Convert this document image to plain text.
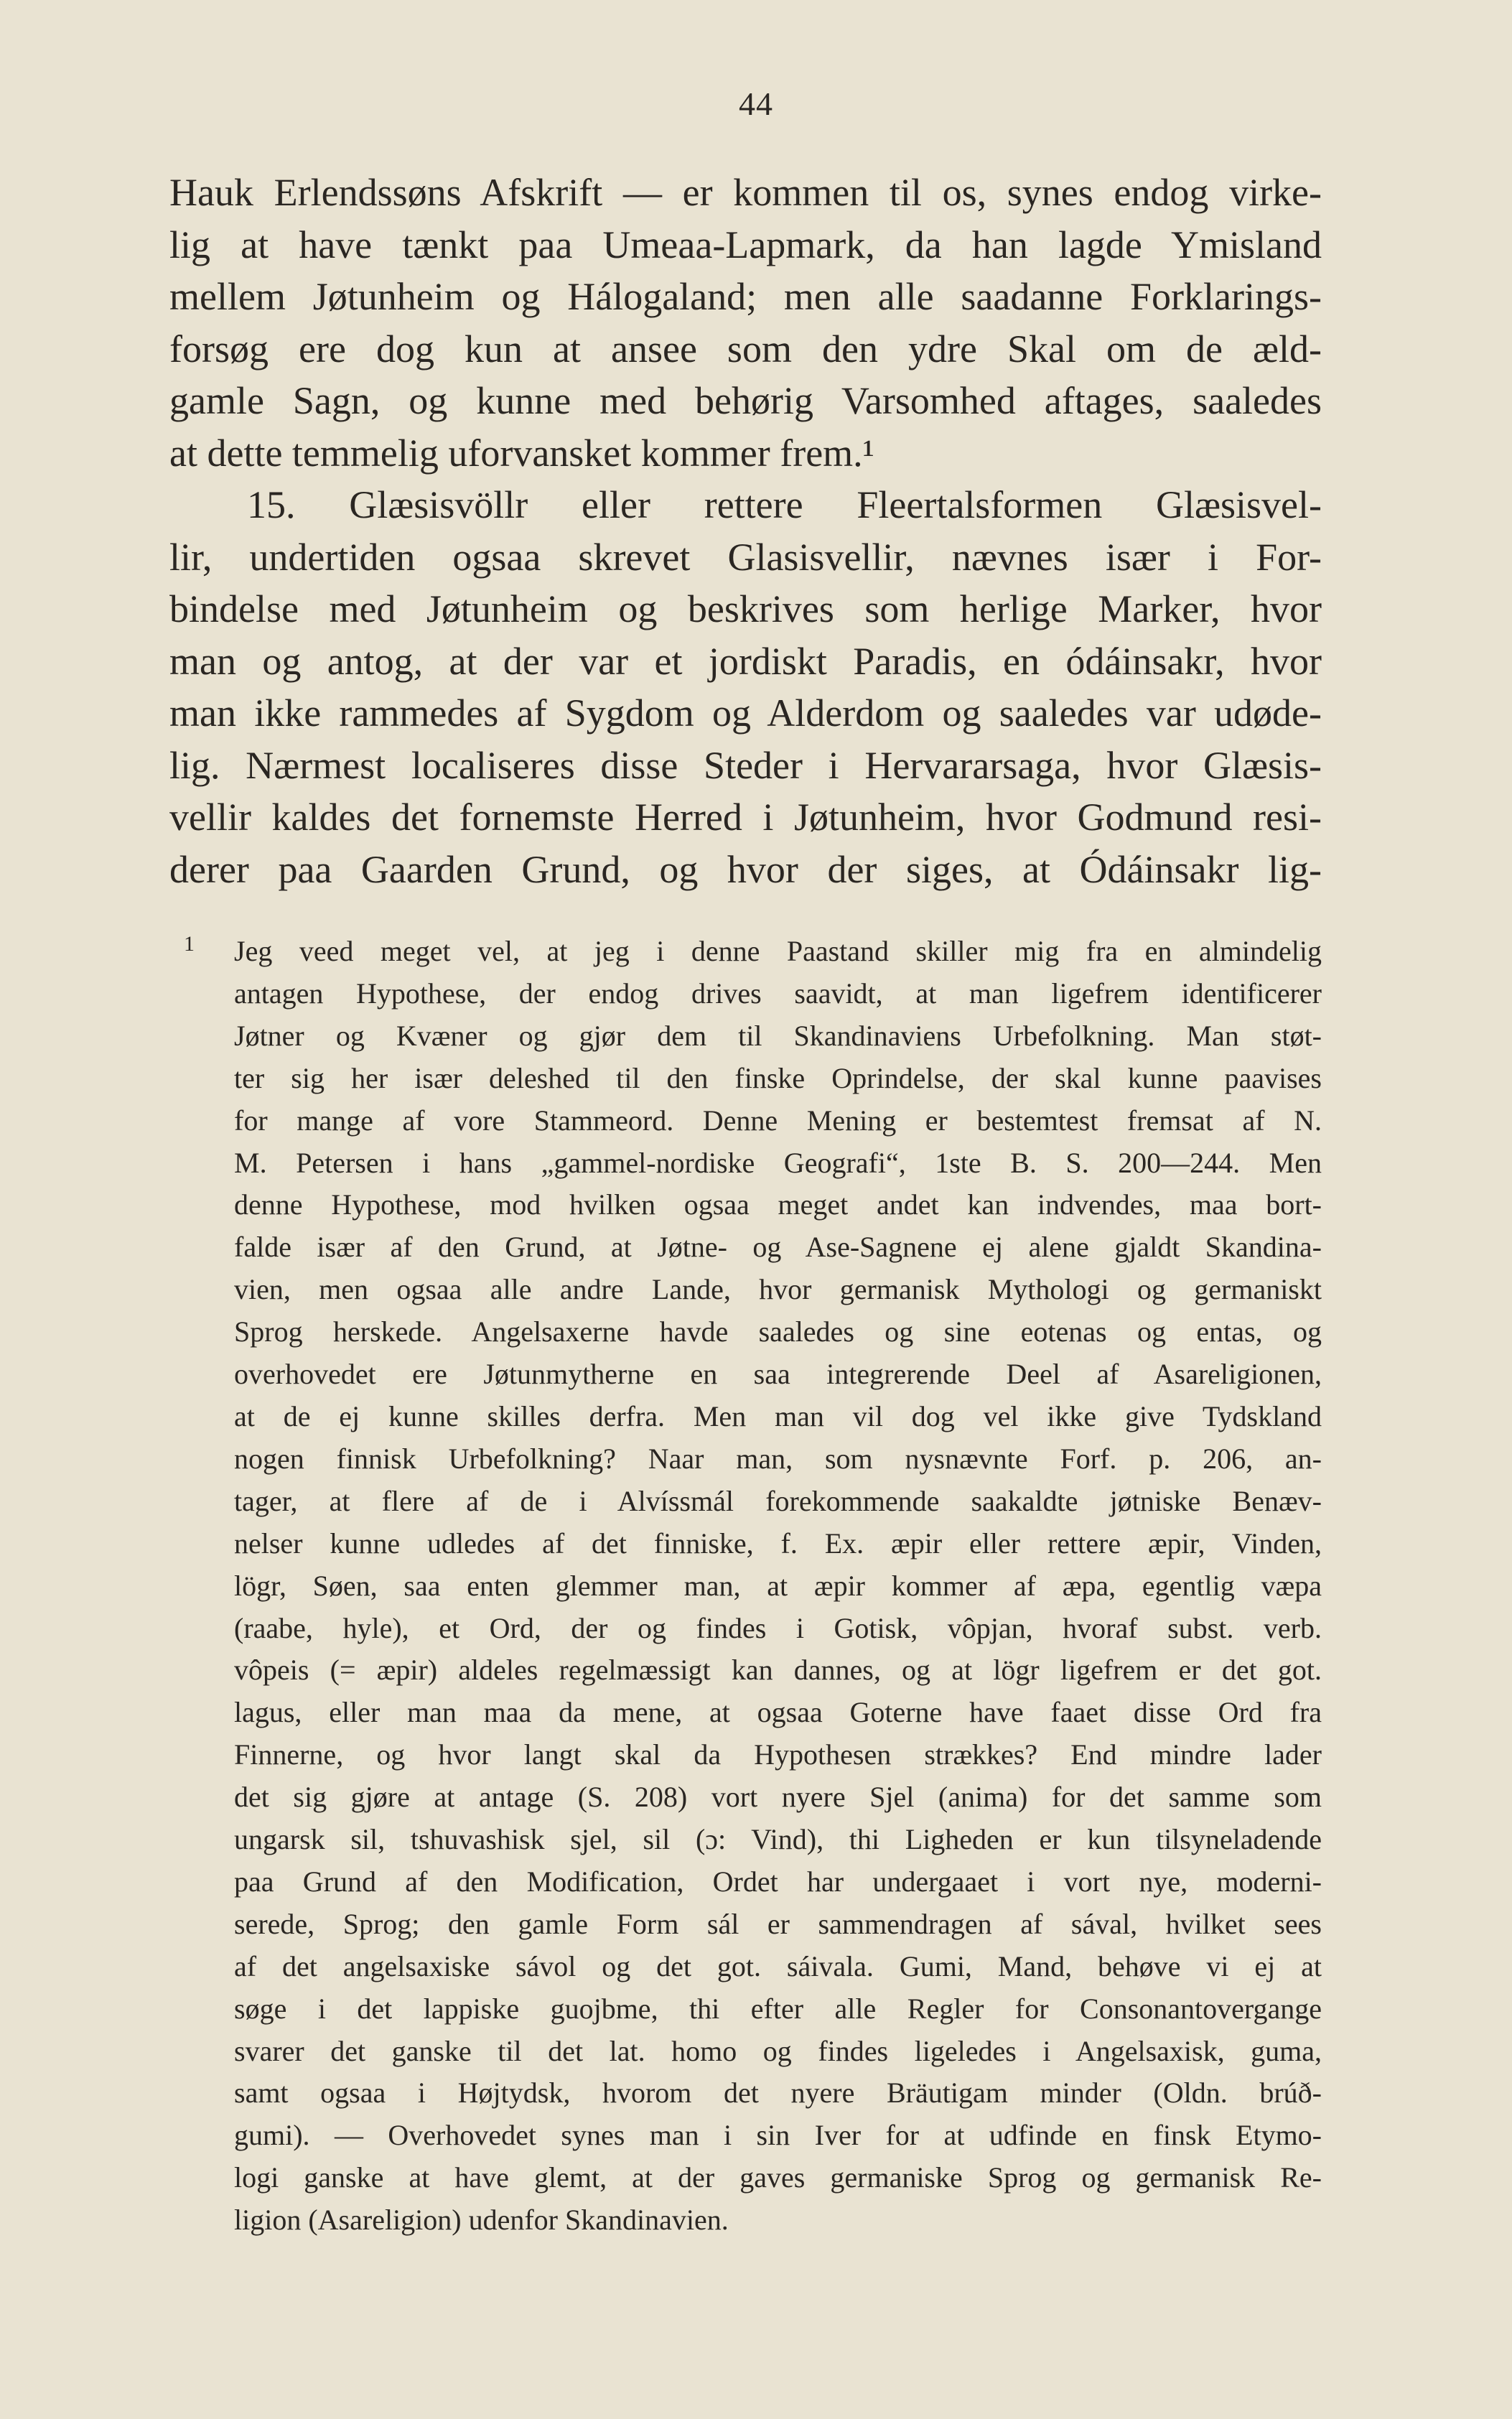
44
Hauk Erlendssøns Afskrift — er kommen til os, synes endog virke-
lig at have tænkt paa Umeaa-Lapmark, da han lagde Ymisland
mellem Jøtunheim og Hálogaland; men alle saadanne Forklarings-
forsøg ere dog kun at ansee som den ydre Skal om de æld-
gamle Sagn, og kunne med behørig Varsomhed aftages, saaledes
at dette temmelig uforvansket kommer frem.¹
15. Glæsisvöllr eller rettere Fleertalsformen Glæsisvel-
lir, undertiden ogsaa skrevet Glasisvellir, nævnes især i For-
bindelse med Jøtunheim og beskrives som herlige Marker, hvor
man og antog, at der var et jordiskt Paradis, en ódáinsakr, hvor
man ikke rammedes af Sygdom og Alderdom og saaledes var udøde-
lig. Nærmest localiseres disse Steder i Hervararsaga, hvor Glæsis-
vellir kaldes det fornemste Herred i Jøtunheim, hvor Godmund resi-
derer paa Gaarden Grund, og hvor der siges, at Ódáinsakr lig-
1 Jeg veed meget vel, at jeg i denne Paastand skiller mig fra en almindelig
antagen Hypothese, der endog drives saavidt, at man ligefrem identificerer
Jøtner og Kvæner og gjør dem til Skandinaviens Urbefolkning. Man støt-
ter sig her især deleshed til den finske Oprindelse, der skal kunne paavises
for mange af vore Stammeord. Denne Mening er bestemtest fremsat af N.
M. Petersen i hans „gammel-nordiske Geografi“, 1ste B. S. 200—244. Men
denne Hypothese, mod hvilken ogsaa meget andet kan indvendes, maa bort-
falde især af den Grund, at Jøtne- og Ase-Sagnene ej alene gjaldt Skandina-
vien, men ogsaa alle andre Lande, hvor germanisk Mythologi og germaniskt
Sprog herskede. Angelsaxerne havde saaledes og sine eotenas og entas, og
overhovedet ere Jøtunmytherne en saa integrerende Deel af Asareligionen,
at de ej kunne skilles derfra. Men man vil dog vel ikke give Tydskland
nogen finnisk Urbefolkning? Naar man, som nysnævnte Forf. p. 206, an-
tager, at flere af de i Alvíssmál forekommende saakaldte jøtniske Benæv-
nelser kunne udledes af det finniske, f. Ex. æpir eller rettere æpir, Vinden,
lögr, Søen, saa enten glemmer man, at æpir kommer af æpa, egentlig væpa
(raabe, hyle), et Ord, der og findes i Gotisk, vôpjan, hvoraf subst. verb.
vôpeis (= æpir) aldeles regelmæssigt kan dannes, og at lögr ligefrem er det got.
lagus, eller man maa da mene, at ogsaa Goterne have faaet disse Ord fra
Finnerne, og hvor langt skal da Hypothesen strækkes? End mindre lader
det sig gjøre at antage (S. 208) vort nyere Sjel (anima) for det samme som
ungarsk sil, tshuvashisk sjel, sil (ɔ: Vind), thi Ligheden er kun tilsyneladende
paa Grund af den Modification, Ordet har undergaaet i vort nye, moderni-
serede, Sprog; den gamle Form sál er sammendragen af sával, hvilket sees
af det angelsaxiske sávol og det got. sáivala. Gumi, Mand, behøve vi ej at
søge i det lappiske guojbme, thi efter alle Regler for Consonantovergange
svarer det ganske til det lat. homo og findes ligeledes i Angelsaxisk, guma,
samt ogsaa i Højtydsk, hvorom det nyere Bräutigam minder (Oldn. brúð-
gumi). — Overhovedet synes man i sin Iver for at udfinde en finsk Etymo-
logi ganske at have glemt, at der gaves germaniske Sprog og germanisk Re-
ligion (Asareligion) udenfor Skandinavien.
